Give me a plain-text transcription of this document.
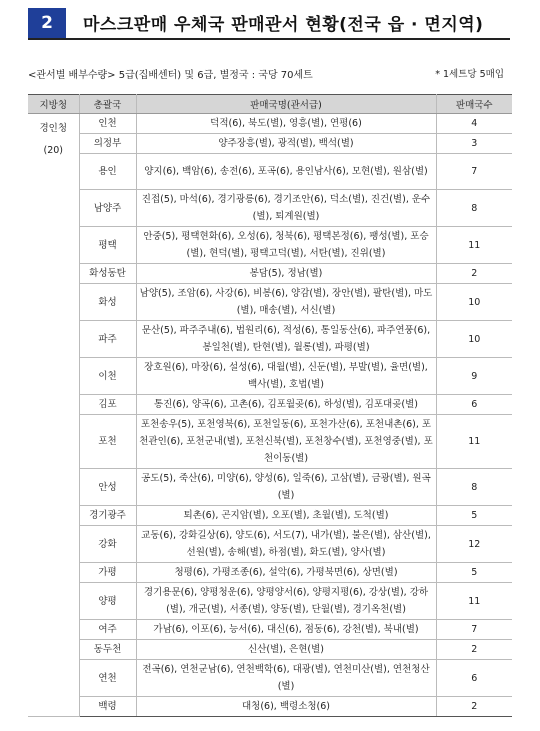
2	마스크판매 우체국 판매관서 현황(전국 읍 · 면지역)
<관서별 배부수량> 5급(집배센터) 및 6급, 별정국 : 국당 70세트	* 1세트당 5매입
지방청	총괄국	판매국명(관서급)	판매국수

경인청
(20)	인천	덕적(6), 북도(별), 영흥(별), 연평(6)	4
	의정부	양주장흥(별), 광적(별), 백석(별)	3
	용인	양지(6), 백암(6), 송전(6), 포곡(6), 용인남사(6), 모현(별), 원삼(별)	7
	남양주	진접(5), 마석(6), 경기광릉(6), 경기조안(6), 덕소(별), 진건(별), 운수(별), 퇴계원(별)	8
	평택	안중(5), 평택현화(6), 오성(6), 청북(6), 평택본정(6), 팽성(별), 포승(별), 현덕(별), 평택고덕(별), 서탄(별), 진위(별)	11
	화성동탄	봉담(5), 정남(별)	2
	화성	남양(5), 조암(6), 사강(6), 비봉(6), 양감(별), 장안(별), 팔탄(별), 마도(별), 매송(별), 서신(별)	10
	파주	문산(5), 파주주내(6), 법원리(6), 적성(6), 통일동산(6), 파주연풍(6), 봉일천(별), 탄현(별), 월롱(별), 파평(별)	10
	이천	장호원(6), 마장(6), 설성(6), 대월(별), 신둔(별), 부발(별), 율면(별), 백사(별), 호법(별)	9
	김포	통진(6), 양곡(6), 고촌(6), 김포월곶(6), 하성(별), 김포대곶(별)	6
	포천	포천송우(5), 포천영북(6), 포천일동(6), 포천가산(6), 포천내촌(6), 포천관인(6), 포천군내(별), 포천신북(별), 포천창수(별), 포천영중(별), 포천이동(별)	11
	안성	공도(5), 죽산(6), 미양(6), 양성(6), 일죽(6), 고삼(별), 금광(별), 원곡(별)	8
	경기광주	퇴촌(6), 곤지암(별), 오포(별), 초월(별), 도척(별)	5
	강화	교동(6), 강화길상(6), 양도(6), 서도(7), 내가(별), 불은(별), 삼산(별), 선원(별), 송해(별), 하점(별), 화도(별), 양사(별)	12
	가평	청평(6), 가평조종(6), 설악(6), 가평북면(6), 상면(별)	5
	양평	경기용문(6), 양평청운(6), 양평양서(6), 양평지평(6), 강상(별), 강하(별), 개군(별), 서종(별), 양동(별), 단월(별), 경기옥천(별)	11
	여주	가남(6), 이포(6), 능서(6), 대신(6), 점동(6), 강천(별), 북내(별)	7
	동두천	신산(별), 은현(별)	2
	연천	전곡(6), 연천군남(6), 연천백학(6), 대광(별), 연천미산(별), 연천청산(별)	6
	백령	대청(6), 백령소청(6)	2
